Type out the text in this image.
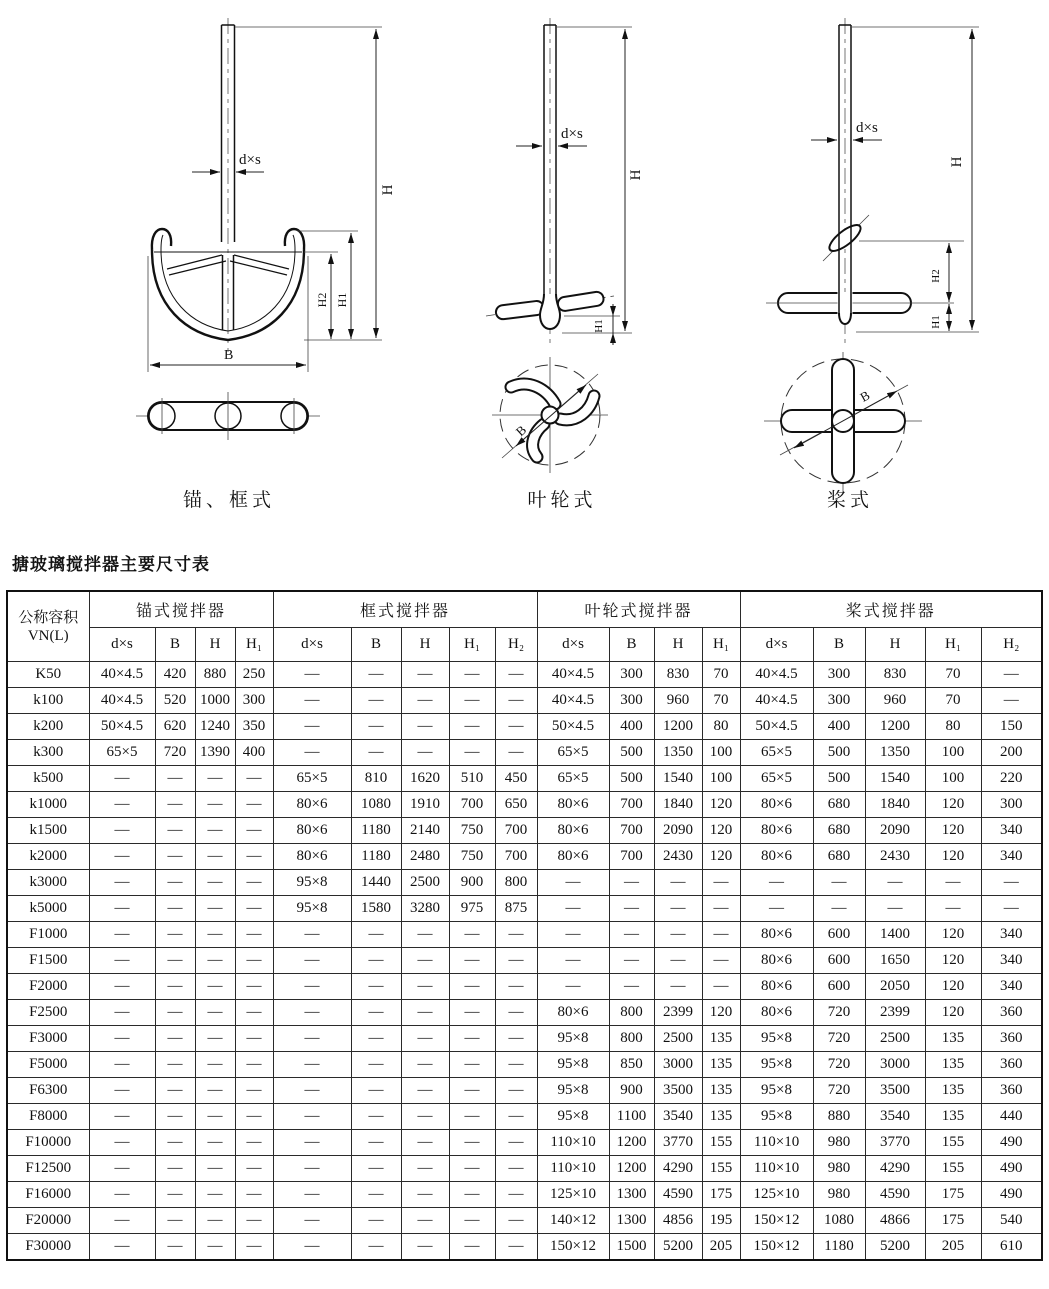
d×s
H
H2 H1
B
锚、框式
d×s
H
H1
B
叶轮式
d×s
H2
H1
H
B
桨式
搪玻璃搅拌器主要尺寸表
公称容积
VN(L)	锚式搅拌器				框式搅拌器					叶轮式搅拌器				桨式搅拌器				
	d×s	B	H	H₁	d×s	B	H	H₁	H₂	d×s	B	H	H₁	d×s	B	H	H₁	H₂
K50	40×4.5	420	880	250	—	—	—	—	—	40×4.5	300	830	70	40×4.5	300	830	70	—
k100	40×4.5	520	1000	300	—	—	—	—	—	40×4.5	300	960	70	40×4.5	300	960	70	—
k200	50×4.5	620	1240	350	—	—	—	—	—	50×4.5	400	1200	80	50×4.5	400	1200	80	150
k300	65×5	720	1390	400	—	—	—	—	—	65×5	500	1350	100	65×5	500	1350	100	200
k500	—	—	—	—	65×5	810	1620	510	450	65×5	500	1540	100	65×5	500	1540	100	220
k1000	—	—	—	—	80×6	1080	1910	700	650	80×6	700	1840	120	80×6	680	1840	120	300
k1500	—	—	—	—	80×6	1180	2140	750	700	80×6	700	2090	120	80×6	680	2090	120	340
k2000	—	—	—	—	80×6	1180	2480	750	700	80×6	700	2430	120	80×6	680	2430	120	340
k3000	—	—	—	—	95×8	1440	2500	900	800	—	—	—	—	—	—	—	—	—
k5000	—	—	—	—	95×8	1580	3280	975	875	—	—	—	—	—	—	—	—	—
F1000	—	—	—	—	—	—	—	—	—	—	—	—	—	80×6	600	1400	120	340
F1500	—	—	—	—	—	—	—	—	—	—	—	—	—	80×6	600	1650	120	340
F2000	—	—	—	—	—	—	—	—	—	—	—	—	—	80×6	600	2050	120	340
F2500	—	—	—	—	—	—	—	—	—	80×6	800	2399	120	80×6	720	2399	120	360
F3000	—	—	—	—	—	—	—	—	—	95×8	800	2500	135	95×8	720	2500	135	360
F5000	—	—	—	—	—	—	—	—	—	95×8	850	3000	135	95×8	720	3000	135	360
F6300	—	—	—	—	—	—	—	—	—	95×8	900	3500	135	95×8	720	3500	135	360
F8000	—	—	—	—	—	—	—	—	—	95×8	1100	3540	135	95×8	880	3540	135	440
F10000	—	—	—	—	—	—	—	—	—	110×10	1200	3770	155	110×10	980	3770	155	490
F12500	—	—	—	—	—	—	—	—	—	110×10	1200	4290	155	110×10	980	4290	155	490
F16000	—	—	—	—	—	—	—	—	—	125×10	1300	4590	175	125×10	980	4590	175	490
F20000	—	—	—	—	—	—	—	—	—	140×12	1300	4856	195	150×12	1080	4866	175	540
F30000	—	—	—	—	—	—	—	—	—	150×12	1500	5200	205	150×12	1180	5200	205	610
